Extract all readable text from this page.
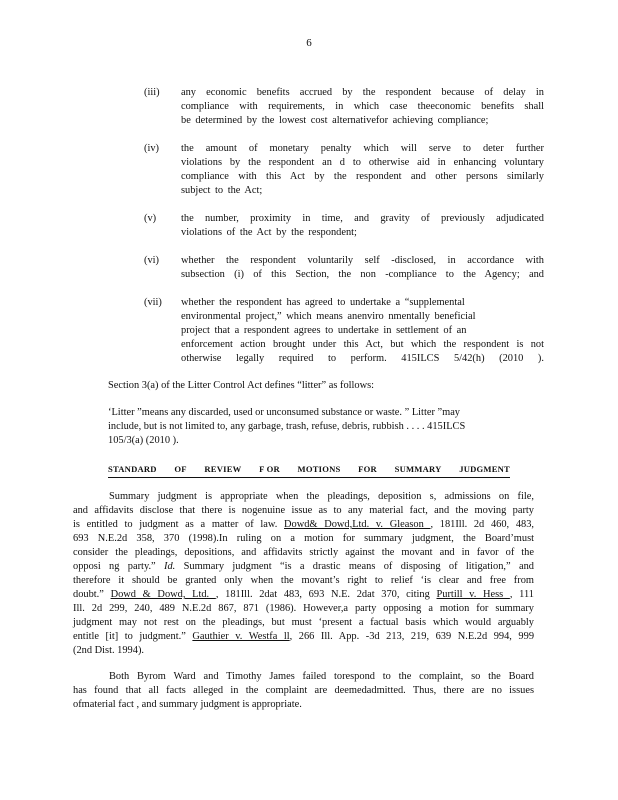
6
(iii)	any economic benefits accrued by the respondent because of delay in
compliance with requirements, in which case theeconomic benefits shall
be determined by the lowest cost alternativefor achieving compliance;
(iv)	the amount of monetary penalty which will serve to deter further
violations by the respondent an d to otherwise aid in enhancing voluntary
compliance with this Act by the respondent and other persons similarly
subject to the Act;
(v)	the number, proximity in time, and gravity of previously adjudicated
violations of the Act by the respondent;
(vi)	whether the respondent voluntarily self -disclosed, in accordance with
subsection (i) of this Section, the non -compliance to the Agency; and
(vii)	whether the respondent has agreed to undertake a “supplemental
environmental project,” which means anenviro nmentally beneficial
project that a respondent agrees to undertake in settlement of an
enforcement action brought under this Act, but which the respondent is not
otherwise legally required to perform. 415ILCS 5/42(h) (2010 ).
Section 3(a) of the Litter Control Act defines “litter” as follows:
‘Litter ”means any discarded, used or unconsumed substance or waste. ” Litter ”may
include, but is not limited to, any garbage, trash, refuse, debris, rubbish . . . . 415ILCS
105/3(a) (2010 ).
STANDARD OF REVIEW F OR MOTIONS FOR SUMMARY JUDGMENT
Summary judgment is appropriate when the pleadings, deposition s, admissions on file,
and affidavits disclose that there is nogenuine issue as to any material fact, and the moving party
is entitled to judgment as a matter of law. Dowd& Dowd,Ltd. v. Gleason , 181Ill. 2d 460, 483,
693 N.E.2d 358, 370 (1998).In ruling on a motion for summary judgment, the Board’must
consider the pleadings, depositions, and affidavits strictly against the movant and in favor of the
opposi ng party.” Id. Summary judgment “is a drastic means of disposing of litigation,” and
therefore it should be granted only when the movant’s right to relief ‘is clear and free from
doubt.” Dowd & Dowd, Ltd. , 181Ill. 2dat 483, 693 N.E. 2dat 370, citing Purtill v. Hess , 111
Ill. 2d 299, 240, 489 N.E.2d 867, 871 (1986). However,a party opposing a motion for summary
judgment may not rest on the pleadings, but must ‘present a factual basis which would arguably
entitle [it] to judgment.” Gauthier v. Westfa ll, 266 Ill. App. -3d 213, 219, 639 N.E.2d 994, 999
(2nd Dist. 1994).
Both Byrom Ward and Timothy James failed torespond to the complaint, so the Board
has found that all facts alleged in the complaint are deemedadmitted. Thus, there are no issues
ofmaterial fact , and summary judgment is appropriate.
